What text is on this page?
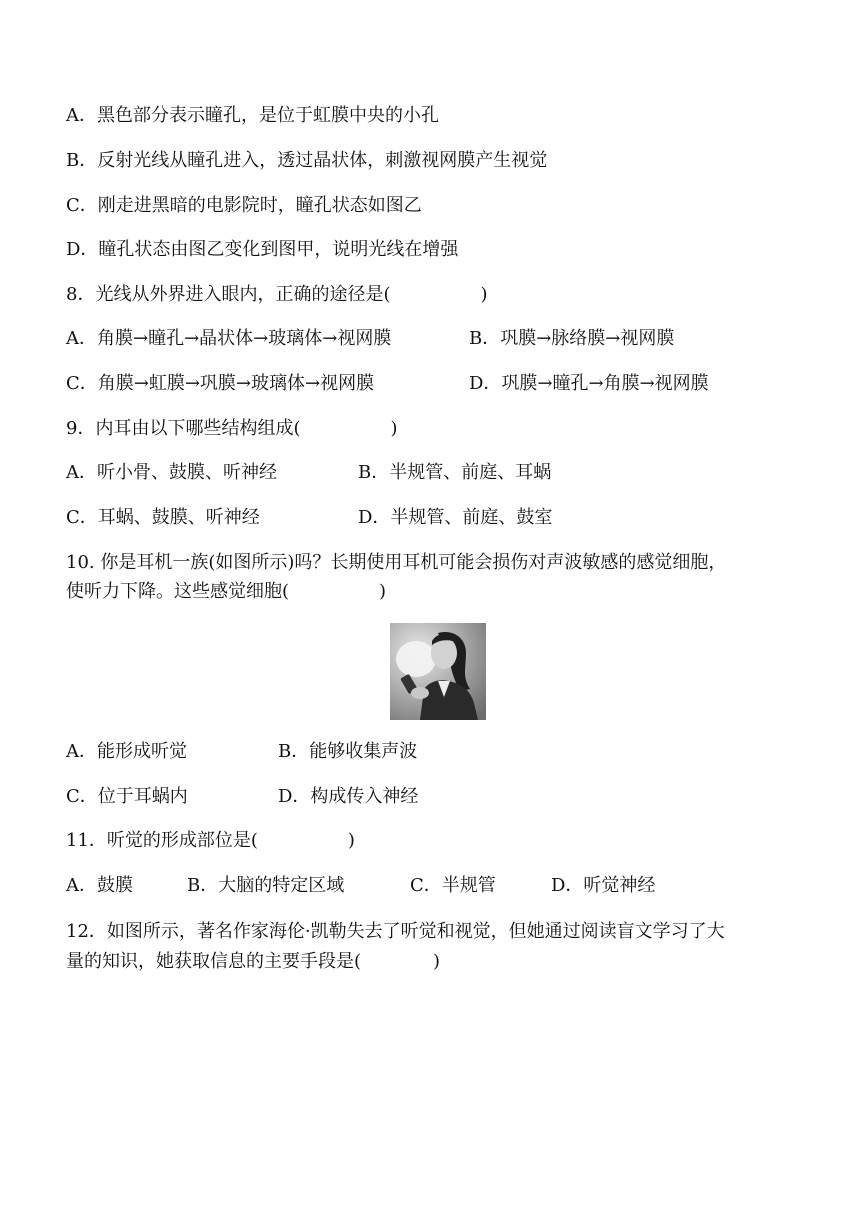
A．黑色部分表示瞳孔，是位于虹膜中央的小孔
B．反射光线从瞳孔进入，透过晶状体，刺激视网膜产生视觉
C．刚走进黑暗的电影院时，瞳孔状态如图乙
D．瞳孔状态由图乙变化到图甲，说明光线在增强
8．光线从外界进入眼内，正确的途径是(　　　　　)
A．角膜→瞳孔→晶状体→玻璃体→视网膜	B．巩膜→脉络膜→视网膜
C．角膜→虹膜→巩膜→玻璃体→视网膜	D．巩膜→瞳孔→角膜→视网膜
9．内耳由以下哪些结构组成(　　　　　)
A．听小骨、鼓膜、听神经	B．半规管、前庭、耳蜗
C．耳蜗、鼓膜、听神经	D．半规管、前庭、鼓室
10. 你是耳机一族(如图所示)吗？长期使用耳机可能会损伤对声波敏感的感觉细胞，
使听力下降。这些感觉细胞(　　　　　)
A．能形成听觉	B．能够收集声波
C．位于耳蜗内	D．构成传入神经
11．听觉的形成部位是(　　　　　)
A．鼓膜	B．大脑的特定区域	C．半规管	D．听觉神经
12．如图所示，著名作家海伦·凯勒失去了听觉和视觉，但她通过阅读盲文学习了大
量的知识，她获取信息的主要手段是(　　　　)
